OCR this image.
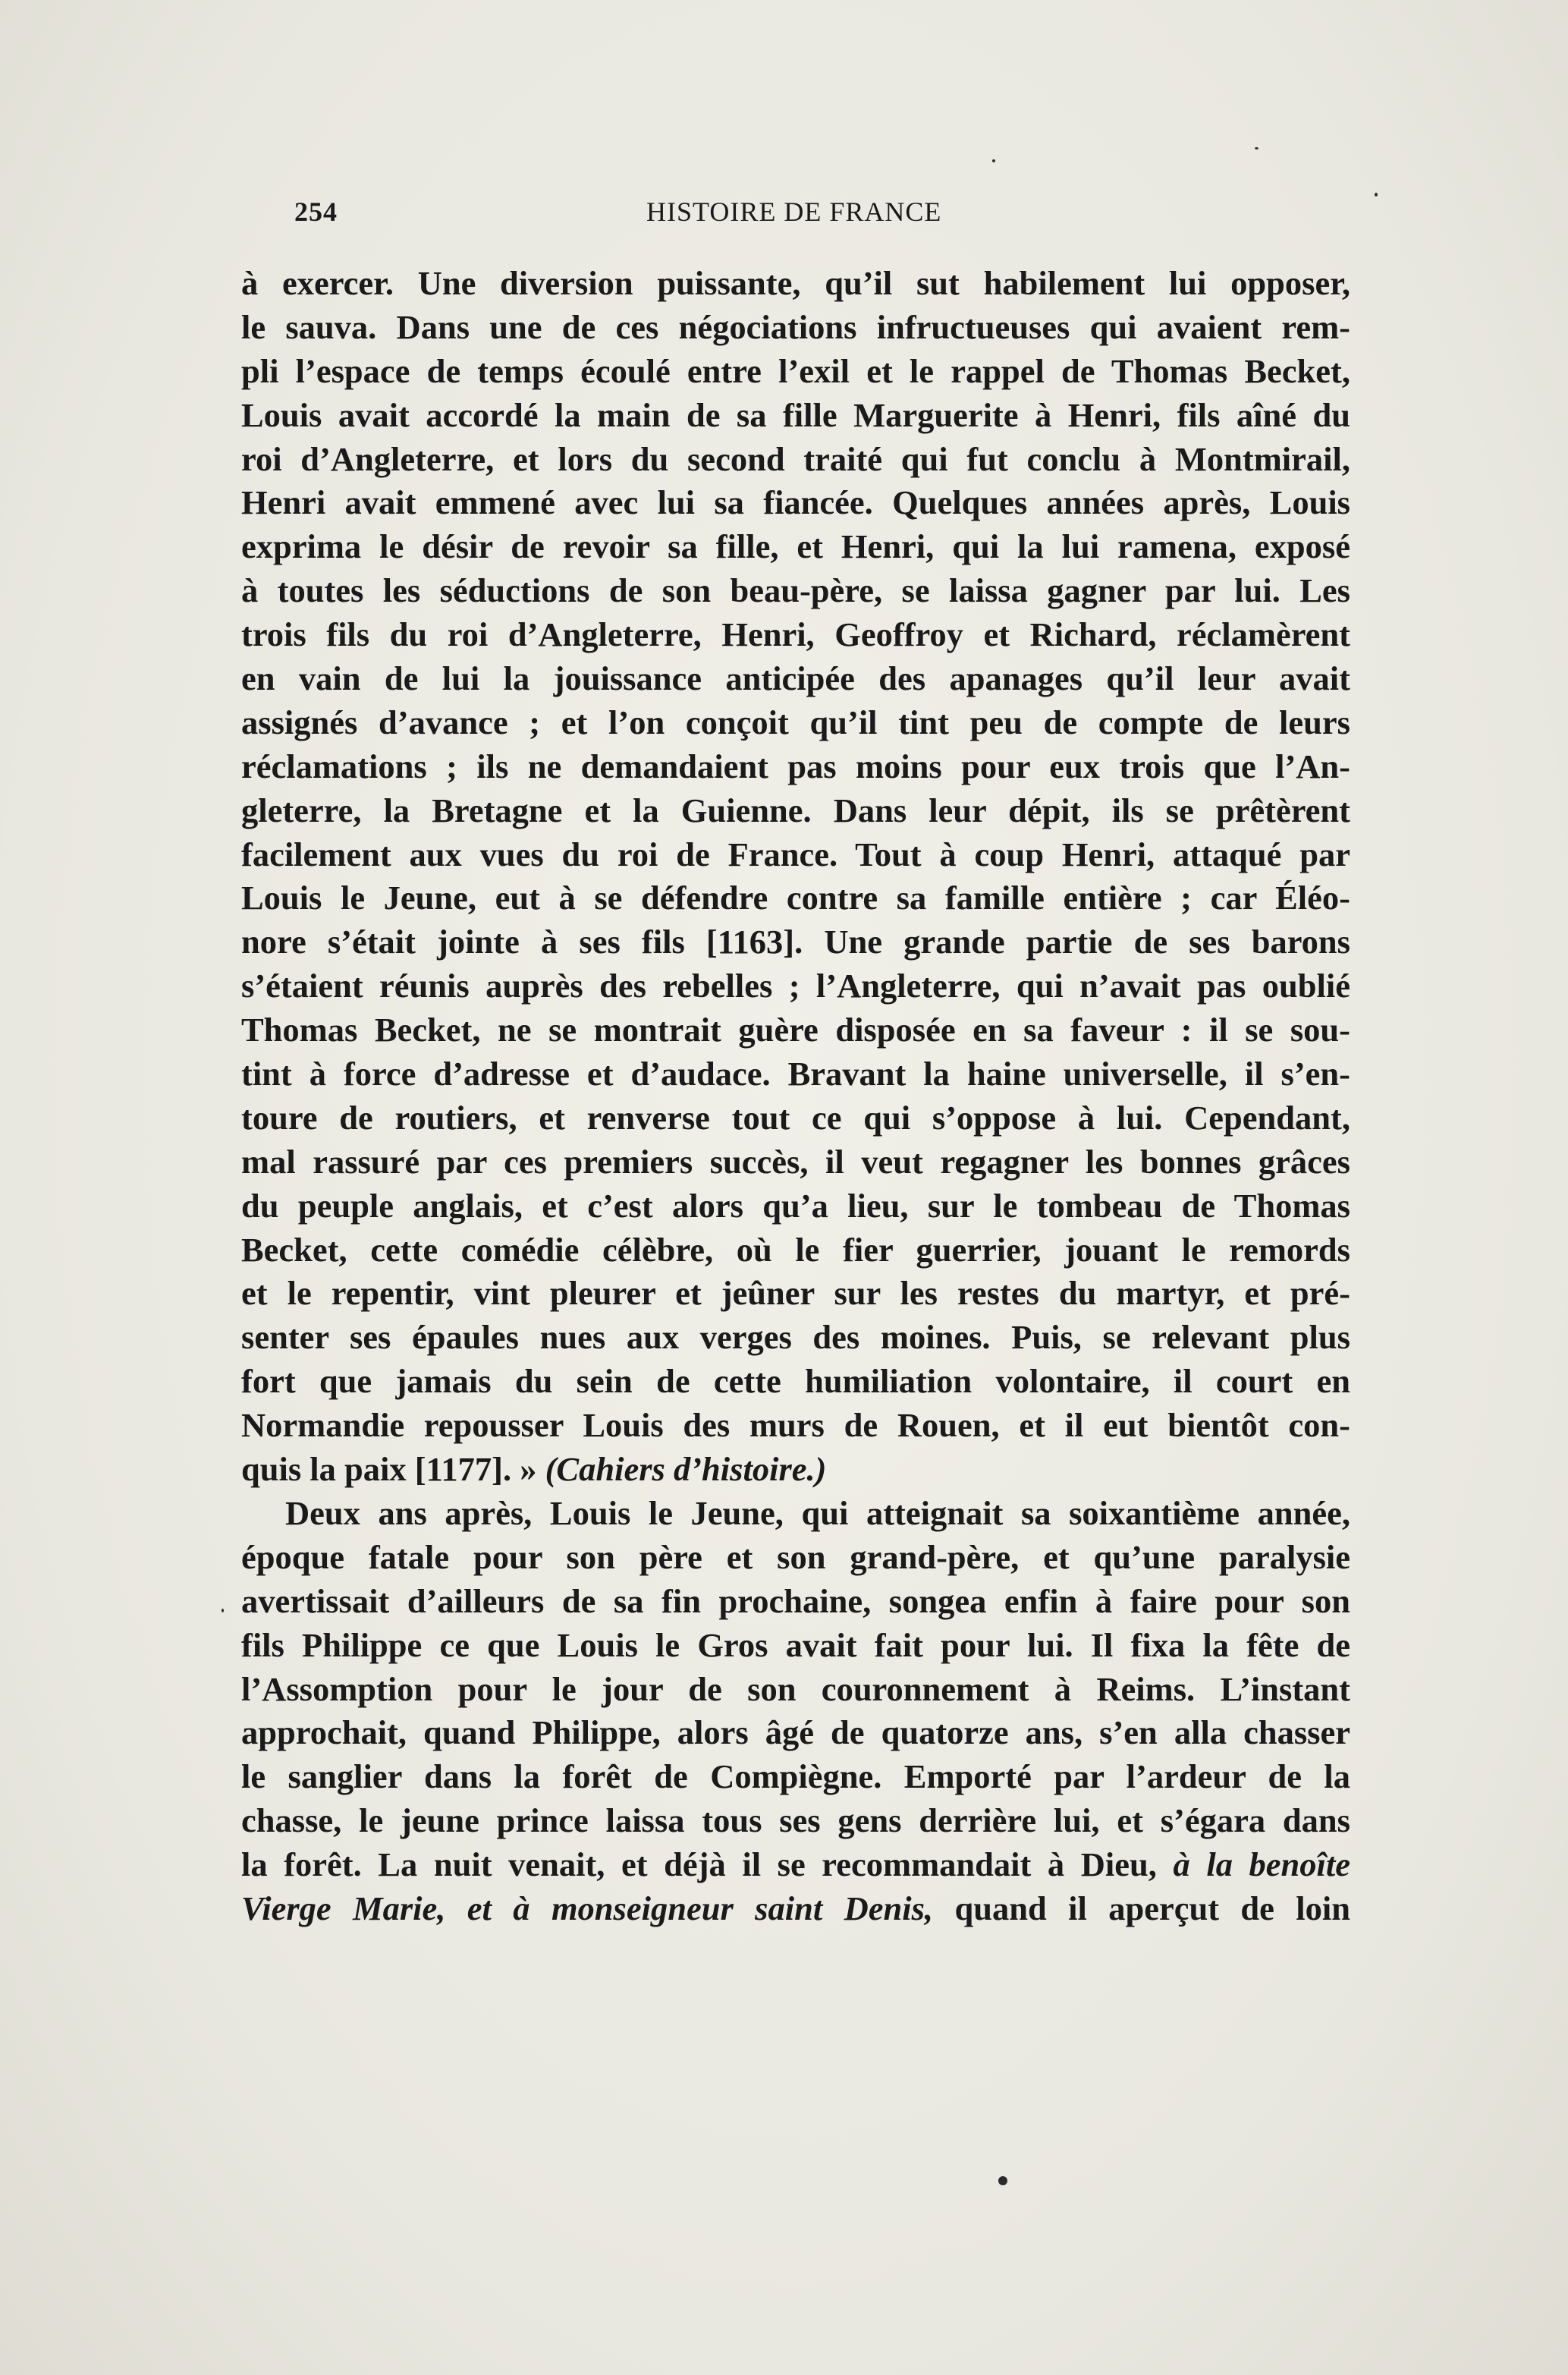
254	HISTOIRE DE FRANCE
à exercer. Une diversion puissante, qu’il sut habilement lui opposer,
le sauva. Dans une de ces négociations infructueuses qui avaient rem-
pli l’espace de temps écoulé entre l’exil et le rappel de Thomas Becket,
Louis avait accordé la main de sa fille Marguerite à Henri, fils aîné du
roi d’Angleterre, et lors du second traité qui fut conclu à Montmirail,
Henri avait emmené avec lui sa fiancée. Quelques années après, Louis
exprima le désir de revoir sa fille, et Henri, qui la lui ramena, exposé
à toutes les séductions de son beau-père, se laissa gagner par lui. Les
trois fils du roi d’Angleterre, Henri, Geoffroy et Richard, réclamèrent
en vain de lui la jouissance anticipée des apanages qu’il leur avait
assignés d’avance ; et l’on conçoit qu’il tint peu de compte de leurs
réclamations ; ils ne demandaient pas moins pour eux trois que l’An-
gleterre, la Bretagne et la Guienne. Dans leur dépit, ils se prêtèrent
facilement aux vues du roi de France. Tout à coup Henri, attaqué par
Louis le Jeune, eut à se défendre contre sa famille entière ; car Éléo-
nore s’était jointe à ses fils [1163]. Une grande partie de ses barons
s’étaient réunis auprès des rebelles ; l’Angleterre, qui n’avait pas oublié
Thomas Becket, ne se montrait guère disposée en sa faveur : il se sou-
tint à force d’adresse et d’audace. Bravant la haine universelle, il s’en-
toure de routiers, et renverse tout ce qui s’oppose à lui. Cependant,
mal rassuré par ces premiers succès, il veut regagner les bonnes grâces
du peuple anglais, et c’est alors qu’a lieu, sur le tombeau de Thomas
Becket, cette comédie célèbre, où le fier guerrier, jouant le remords
et le repentir, vint pleurer et jeûner sur les restes du martyr, et pré-
senter ses épaules nues aux verges des moines. Puis, se relevant plus
fort que jamais du sein de cette humiliation volontaire, il court en
Normandie repousser Louis des murs de Rouen, et il eut bientôt con-
quis la paix [1177]. » (Cahiers d’histoire.)
Deux ans après, Louis le Jeune, qui atteignait sa soixantième année,
époque fatale pour son père et son grand-père, et qu’une paralysie
avertissait d’ailleurs de sa fin prochaine, songea enfin à faire pour son
fils Philippe ce que Louis le Gros avait fait pour lui. Il fixa la fête de
l’Assomption pour le jour de son couronnement à Reims. L’instant
approchait, quand Philippe, alors âgé de quatorze ans, s’en alla chasser
le sanglier dans la forêt de Compiègne. Emporté par l’ardeur de la
chasse, le jeune prince laissa tous ses gens derrière lui, et s’égara dans
la forêt. La nuit venait, et déjà il se recommandait à Dieu, à la benoîte
Vierge Marie, et à monseigneur saint Denis, quand il aperçut de loin
